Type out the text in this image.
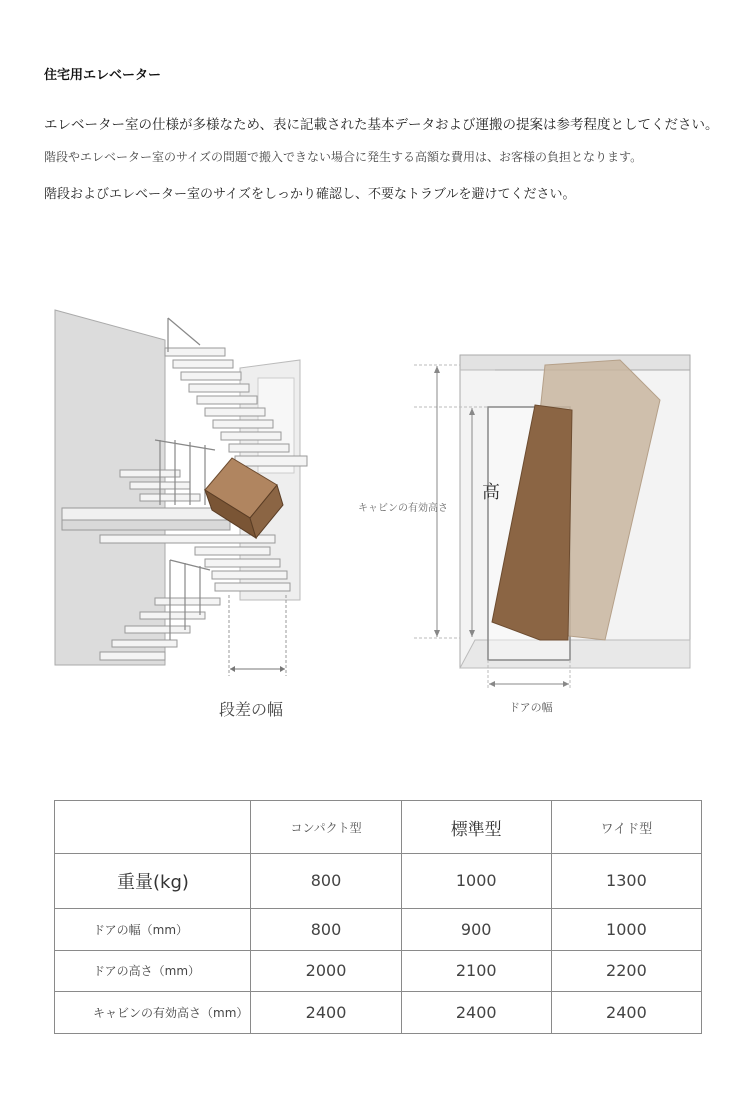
住宅用エレベーター
エレベーター室の仕様が多様なため、表に記載された基本データおよび運搬の提案は参考程度としてください。
階段やエレベーター室のサイズの問題で搬入できない場合に発生する高額な費用は、お客様の負担となります。
階段およびエレベーター室のサイズをしっかり確認し、不要なトラブルを避けてください。
段差の幅
キャビンの有効高さ
高
ドアの幅
	コンパクト型	標準型	ワイド型
重量(kg)	800	1000	1300
ドアの幅（mm）	800	900	1000
ドアの高さ（mm）	2000	2100	2200
キャビンの有効高さ（mm）	2400	2400	2400
